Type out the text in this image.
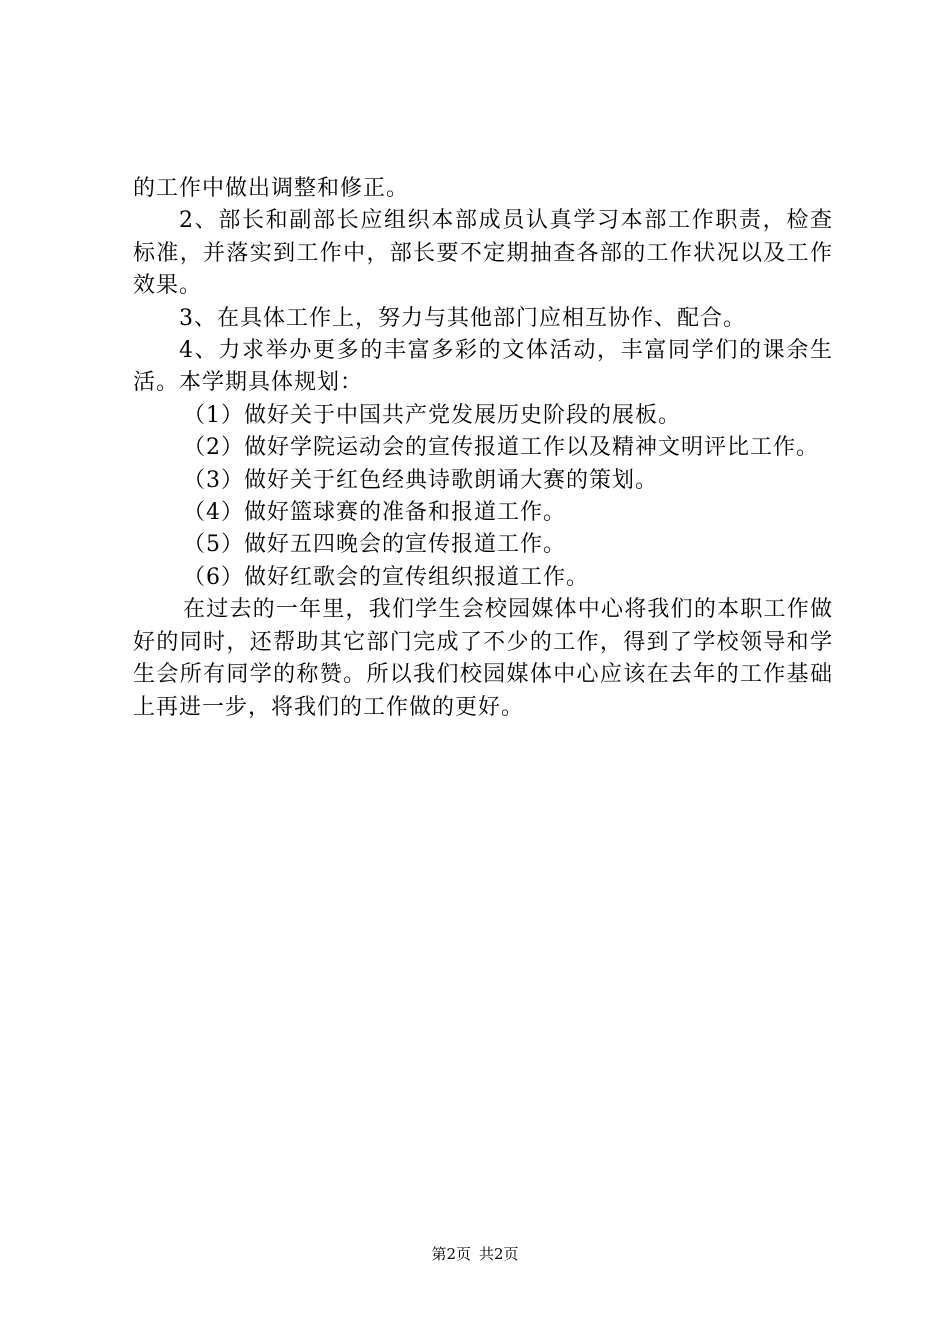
的工作中做出调整和修正。

2、部长和副部长应组织本部成员认真学习本部工作职责，检查标准，并落实到工作中，部长要不定期抽查各部的工作状况以及工作效果。

3、在具体工作上，努力与其他部门应相互协作、配合。

4、力求举办更多的丰富多彩的文体活动，丰富同学们的课余生活。本学期具体规划：

（1）做好关于中国共产党发展历史阶段的展板。

（2）做好学院运动会的宣传报道工作以及精神文明评比工作。

（3）做好关于红色经典诗歌朗诵大赛的策划。

（4）做好篮球赛的准备和报道工作。

（5）做好五四晚会的宣传报道工作。

（6）做好红歌会的宣传组织报道工作。

在过去的一年里，我们学生会校园媒体中心将我们的本职工作做好的同时，还帮助其它部门完成了不少的工作，得到了学校领导和学生会所有同学的称赞。所以我们校园媒体中心应该在去年的工作基础上再进一步，将我们的工作做的更好。

第2页 共2页
